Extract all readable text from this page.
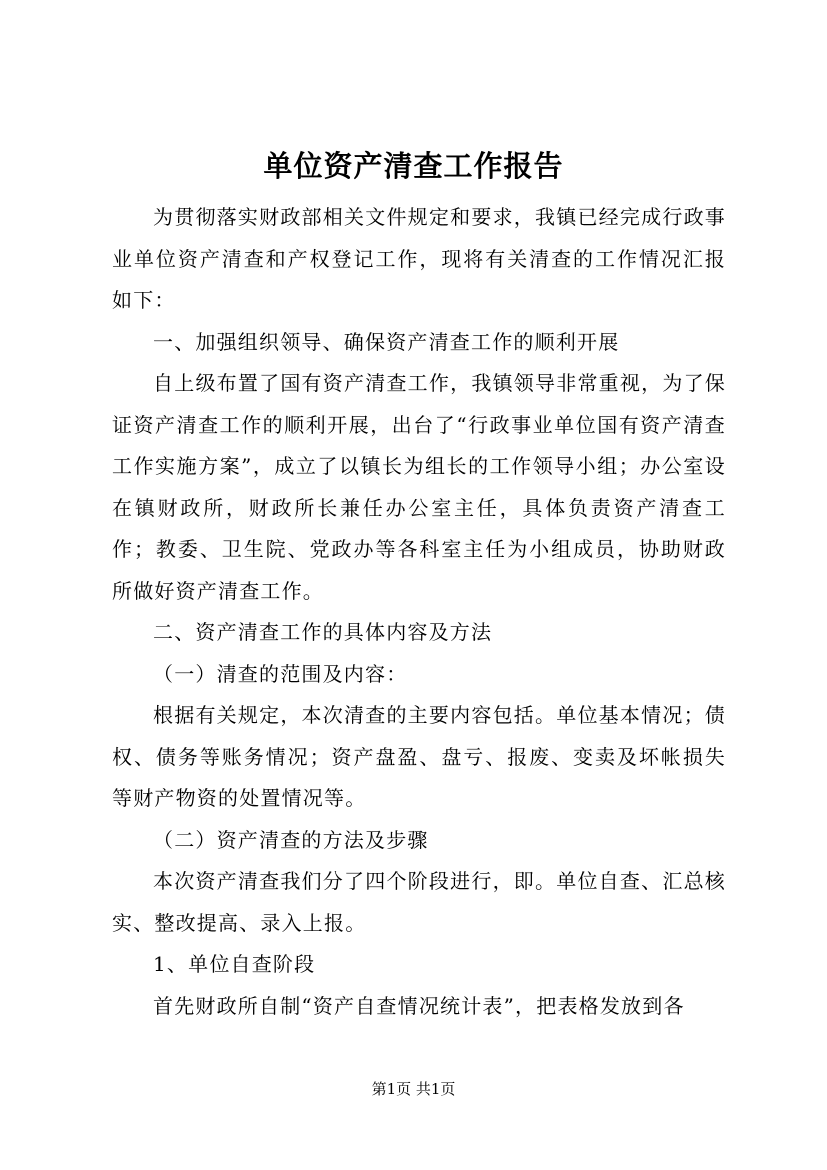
单位资产清查工作报告

为贯彻落实财政部相关文件规定和要求，我镇已经完成行政事业单位资产清查和产权登记工作，现将有关清查的工作情况汇报如下：

一、加强组织领导、确保资产清查工作的顺利开展

自上级布置了国有资产清查工作，我镇领导非常重视，为了保证资产清查工作的顺利开展，出台了“行政事业单位国有资产清查工作实施方案”，成立了以镇长为组长的工作领导小组；办公室设在镇财政所，财政所长兼任办公室主任，具体负责资产清查工作；教委、卫生院、党政办等各科室主任为小组成员，协助财政所做好资产清查工作。

二、资产清查工作的具体内容及方法

（一）清查的范围及内容：

根据有关规定，本次清查的主要内容包括。单位基本情况；债权、债务等账务情况；资产盘盈、盘亏、报废、变卖及坏帐损失等财产物资的处置情况等。

（二）资产清查的方法及步骤

本次资产清查我们分了四个阶段进行，即。单位自查、汇总核实、整改提高、录入上报。

1、单位自查阶段

首先财政所自制“资产自查情况统计表”，把表格发放到各

第1页 共1页
